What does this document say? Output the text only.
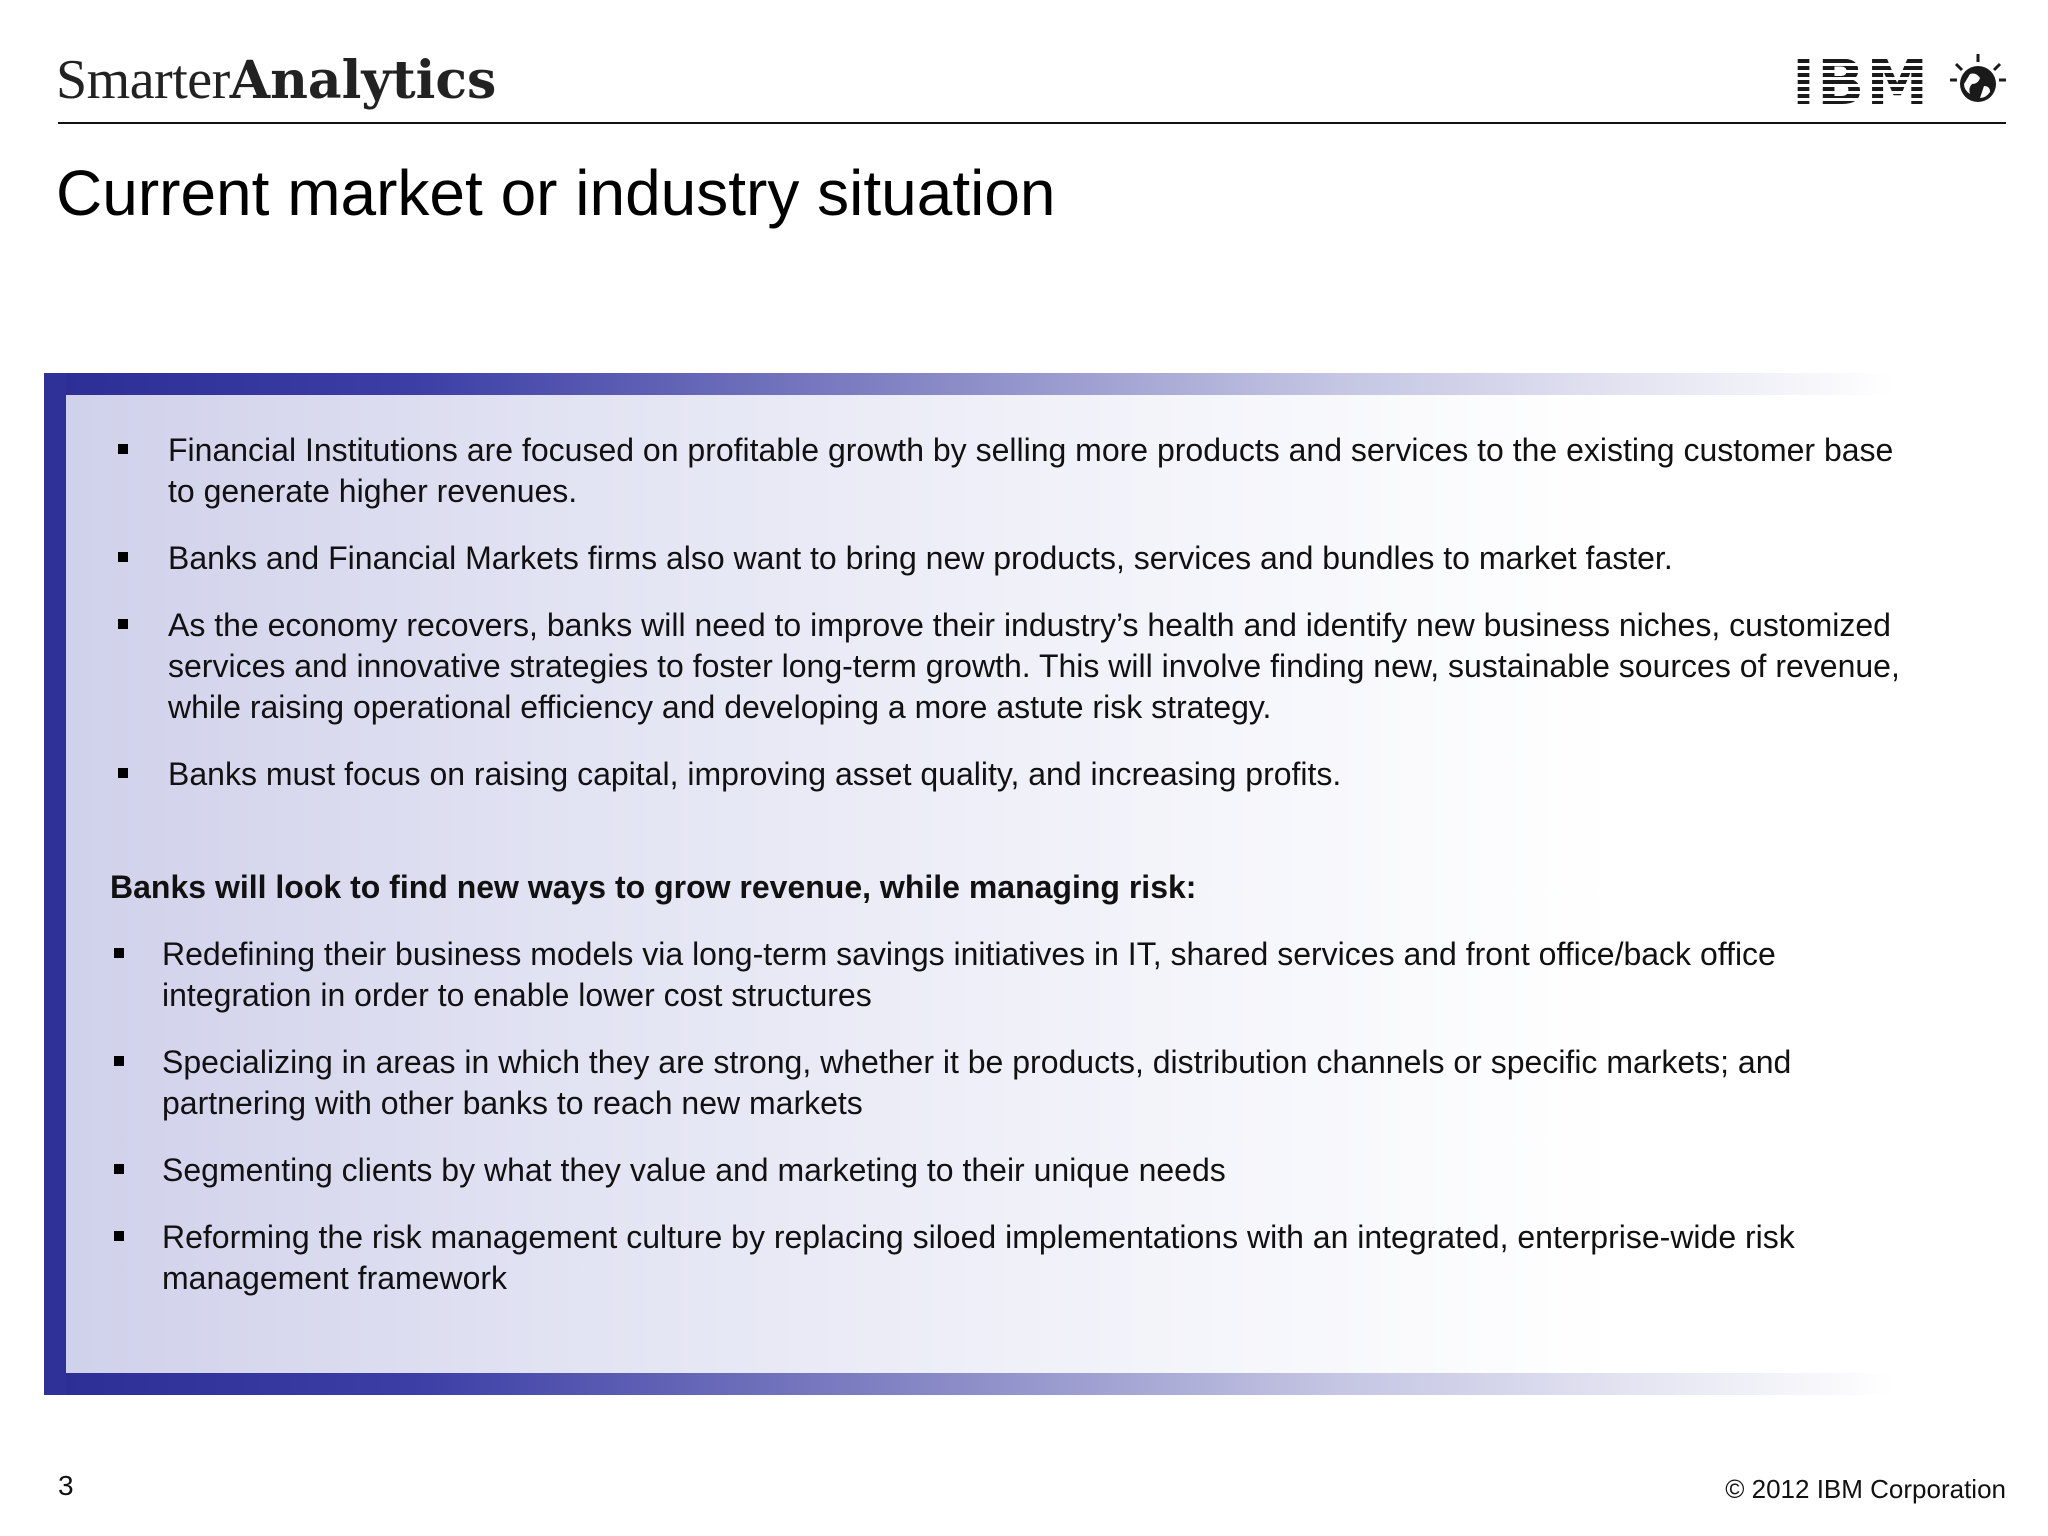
SmarterAnalytics	IBM
Current market or industry situation
Financial Institutions are focused on profitable growth by selling more products and services to the existing customer base to generate higher revenues.
Banks and Financial Markets firms also want to bring new products, services and bundles to market faster.
As the economy recovers, banks will need to improve their industry’s health and identify new business niches, customized services and innovative strategies to foster long-term growth. This will involve finding new, sustainable sources of revenue, while raising operational efficiency and developing a more astute risk strategy.
Banks must focus on raising capital, improving asset quality, and increasing profits.
Banks will look to find new ways to grow revenue, while managing risk:
Redefining their business models via long-term savings initiatives in IT, shared services and front office/back office integration in order to enable lower cost structures
Specializing in areas in which they are strong, whether it be products, distribution channels or specific markets; and partnering with other banks to reach new markets
Segmenting clients by what they value and marketing to their unique needs
Reforming the risk management culture by replacing siloed implementations with an integrated, enterprise-wide risk management framework
3	© 2012 IBM Corporation
